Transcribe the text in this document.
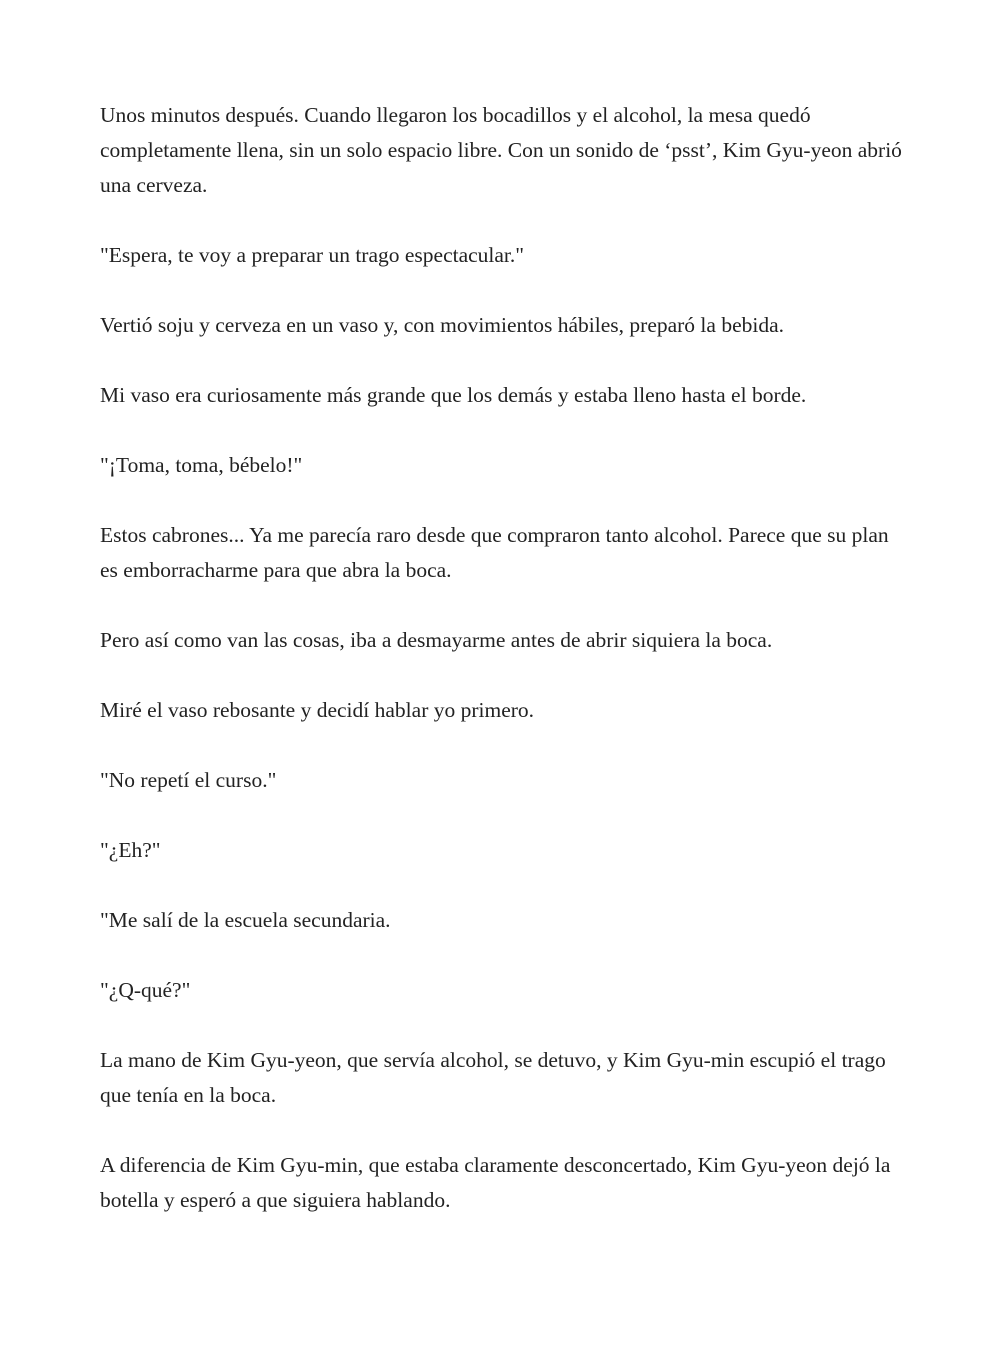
Unos minutos después. Cuando llegaron los bocadillos y el alcohol, la mesa quedó completamente llena, sin un solo espacio libre. Con un sonido de ‘psst’, Kim Gyu-yeon abrió una cerveza.

"Espera, te voy a preparar un trago espectacular."

Vertió soju y cerveza en un vaso y, con movimientos hábiles, preparó la bebida.

Mi vaso era curiosamente más grande que los demás y estaba lleno hasta el borde.

"¡Toma, toma, bébelo!"

Estos cabrones... Ya me parecía raro desde que compraron tanto alcohol. Parece que su plan es emborracharme para que abra la boca.

Pero así como van las cosas, iba a desmayarme antes de abrir siquiera la boca.

Miré el vaso rebosante y decidí hablar yo primero.

"No repetí el curso."

"¿Eh?"

"Me salí de la escuela secundaria.

"¿Q-qué?"

La mano de Kim Gyu-yeon, que servía alcohol, se detuvo, y Kim Gyu-min escupió el trago que tenía en la boca.

A diferencia de Kim Gyu-min, que estaba claramente desconcertado, Kim Gyu-yeon dejó la botella y esperó a que siguiera hablando.
